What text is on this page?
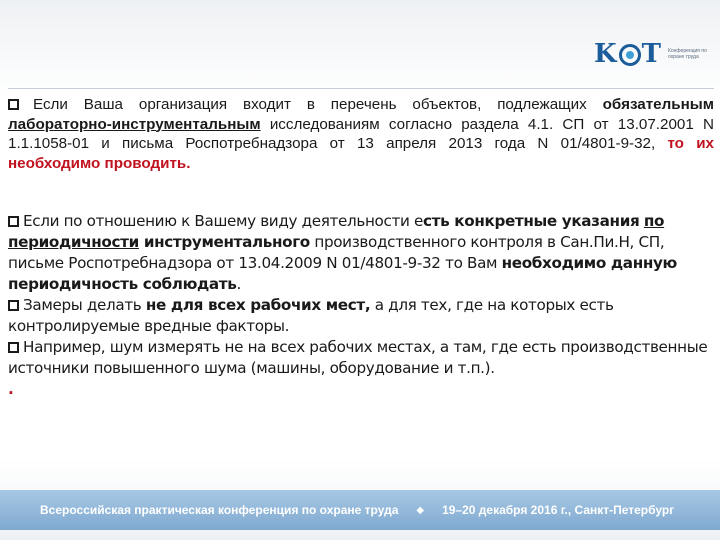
K T Конференция по охране труда

Если Ваша организация входит в перечень объектов, подлежащих обязательным лабораторно-инструментальным исследованиям согласно раздела 4.1. СП от 13.07.2001 N 1.1.1058-01 и письма Роспотребнадзора от 13 апреля 2013 года N 01/4801-9-32, то их необходимо проводить.

Если по отношению к Вашему виду деятельности есть конкретные указания по периодичности инструментального производственного контроля в Сан.Пи.Н, СП, письме Роспотребнадзора от 13.04.2009 N 01/4801-9-32 то Вам необходимо данную периодичность соблюдать.
Замеры делать не для всех рабочих мест, а для тех, где на которых есть контролируемые вредные факторы.
Например, шум измерять не на всех рабочих местах, а там, где есть производственные источники повышенного шума (машины, оборудование и т.п.).
.

Всероссийская практическая конференция по охране труда ◆ 19–20 декабря 2016 г., Санкт-Петербург
